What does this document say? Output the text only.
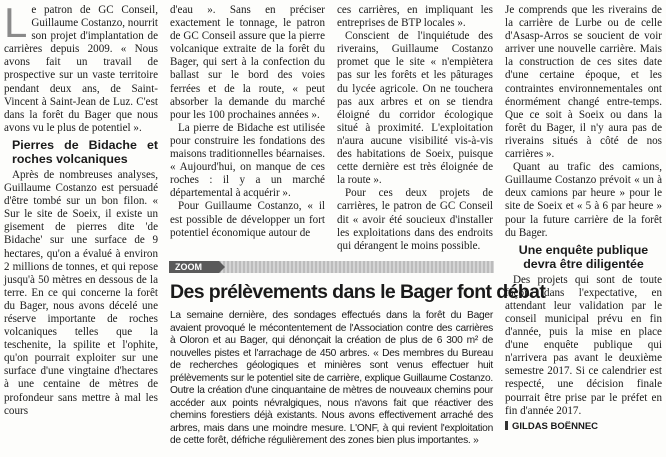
L e patron de GC Conseil, Guillaume Costanzo, nourrit son projet d'implantation de carrières depuis 2009. « Nous avons fait un travail de prospective sur un vaste territoire pendant deux ans, de Saint-Vincent à Saint-Jean de Luz. C'est dans la forêt du Bager que nous avons vu le plus de potentiel ».

Pierres de Bidache et roches volcaniques

Après de nombreuses analyses, Guillaume Costanzo est persuadé d'être tombé sur un bon filon. « Sur le site de Soeix, il existe un gisement de pierres dite 'de Bidache' sur une surface de 9 hectares, qu'on a évalué à environ 2 millions de tonnes, et qui repose jusqu'à 50 mètres en dessous de la terre. En ce qui concerne la forêt du Bager, nous avons décelé une réserve importante de roches volcaniques telles que la teschenite, la spilite et l'ophite, qu'on pourrait exploiter sur une surface d'une vingtaine d'hectares à une centaine de mètres de profondeur sans mettre à mal les cours

d'eau ». Sans en préciser exactement le tonnage, le patron de GC Conseil assure que la pierre volcanique extraite de la forêt du Bager, qui sert à la confection du ballast sur le bord des voies ferrées et de la route, « peut absorber la demande du marché pour les 100 prochaines années ».

La pierre de Bidache est utilisée pour construire les fondations des maisons traditionnelles béarnaises. « Aujourd'hui, on manque de ces roches : il y a un marché départemental à acquérir ».

Pour Guillaume Costanzo, « il est possible de développer un fort potentiel économique autour de

ces carrières, en impliquant les entreprises de BTP locales ».

Conscient de l'inquiétude des riverains, Guillaume Costanzo promet que le site « n'empiètera pas sur les forêts et les pâturages du lycée agricole. On ne touchera pas aux arbres et on se tiendra éloigné du corridor écologique situé à proximité. L'exploitation n'aura aucune visibilité vis-à-vis des habitations de Soeix, puisque cette dernière est très éloignée de la route ».

Pour ces deux projets de carrières, le patron de GC Conseil dit « avoir été soucieux d'installer les exploitations dans des endroits qui dérangent le moins possible.

Je comprends que les riverains de la carrière de Lurbe ou de celle d'Asasp-Arros se soucient de voir arriver une nouvelle carrière. Mais la construction de ces sites date d'une certaine époque, et les contraintes environnementales ont énormément changé entre-temps. Que ce soit à Soeix ou dans la forêt du Bager, il n'y aura pas de riverains situés à côté de nos carrières ».

Quant au trafic des camions, Guillaume Costanzo prévoit « un à deux camions par heure » pour le site de Soeix et « 5 à 6 par heure » pour la future carrière de la forêt du Bager.

Une enquête publique devra être diligentée

Des projets qui sont de toute façon dans l'expectative, en attendant leur validation par le conseil municipal prévu en fin d'année, puis la mise en place d'une enquête publique qui n'arrivera pas avant le deuxième semestre 2017. Si ce calendrier est respecté, une décision finale pourrait être prise par le préfet en fin d'année 2017.

GILDAS BOËNNEC
ZOOM
Des prélèvements dans le Bager font débat
La semaine dernière, des sondages effectués dans la forêt du Bager avaient provoqué le mécontentement de l'Association contre des carrières à Oloron et au Bager, qui dénonçait la création de plus de 6 300 m² de nouvelles pistes et l'arrachage de 450 arbres. « Des membres du Bureau de recherches géologiques et minières sont venus effectuer huit prélèvements sur le potentiel site de carrière, explique Guillaume Costanzo. Outre la création d'une cinquantaine de mètres de nouveaux chemins pour accéder aux points névralgiques, nous n'avons fait que réactiver des chemins forestiers déjà existants. Nous avons effectivement arraché des arbres, mais dans une moindre mesure. L'ONF, à qui revient l'exploitation de cette forêt, défriche régulièrement des zones bien plus importantes. »
